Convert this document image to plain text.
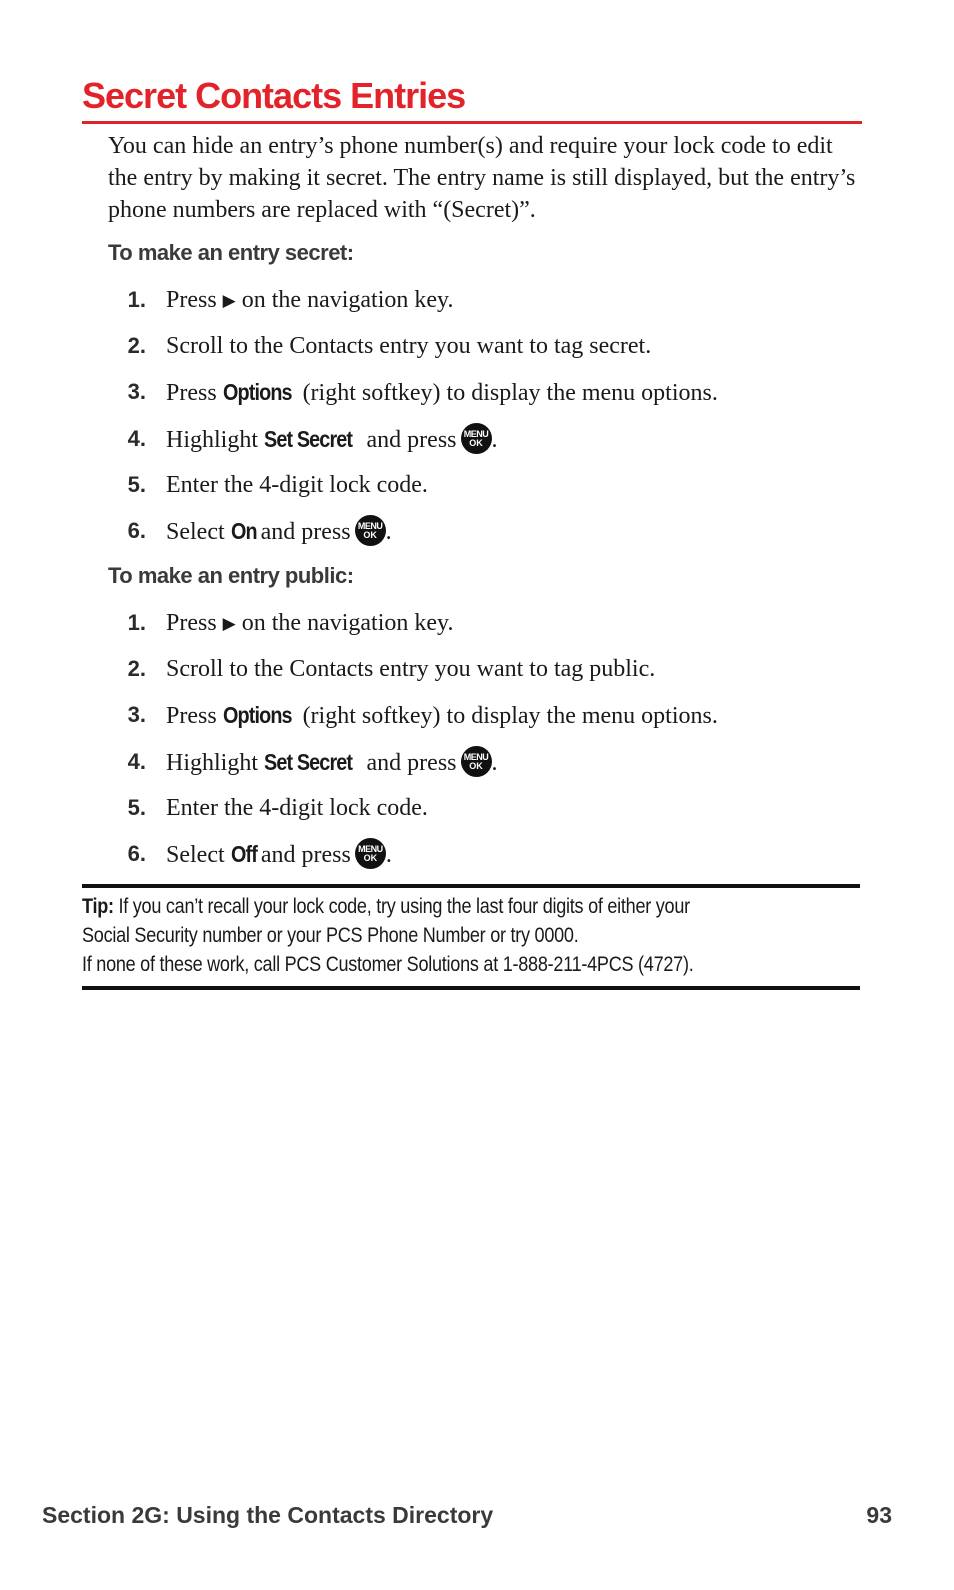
Secret Contacts Entries

You can hide an entry’s phone number(s) and require your lock code to edit the entry by making it secret. The entry name is still displayed, but the entry’s phone numbers are replaced with “(Secret)”.

To make an entry secret:
1. Press ▶ on the navigation key.
2. Scroll to the Contacts entry you want to tag secret.
3. Press Options (right softkey) to display the menu options.
4. Highlight Set Secret and press MENU
OK .
5. Enter the 4-digit lock code.
6. Select On and press MENU
OK .
To make an entry public:
1. Press ▶ on the navigation key.
2. Scroll to the Contacts entry you want to tag public.
3. Press Options (right softkey) to display the menu options.
4. Highlight Set Secret and press MENU
OK .
5. Enter the 4-digit lock code.
6. Select Off and press MENU
OK .
Tip: If you can’t recall your lock code, try using the last four digits of either your
Social Security number or your PCS Phone Number or try 0000.
If none of these work, call PCS Customer Solutions at 1-888-211-4PCS (4727).
Section 2G: Using the Contacts Directory	93
